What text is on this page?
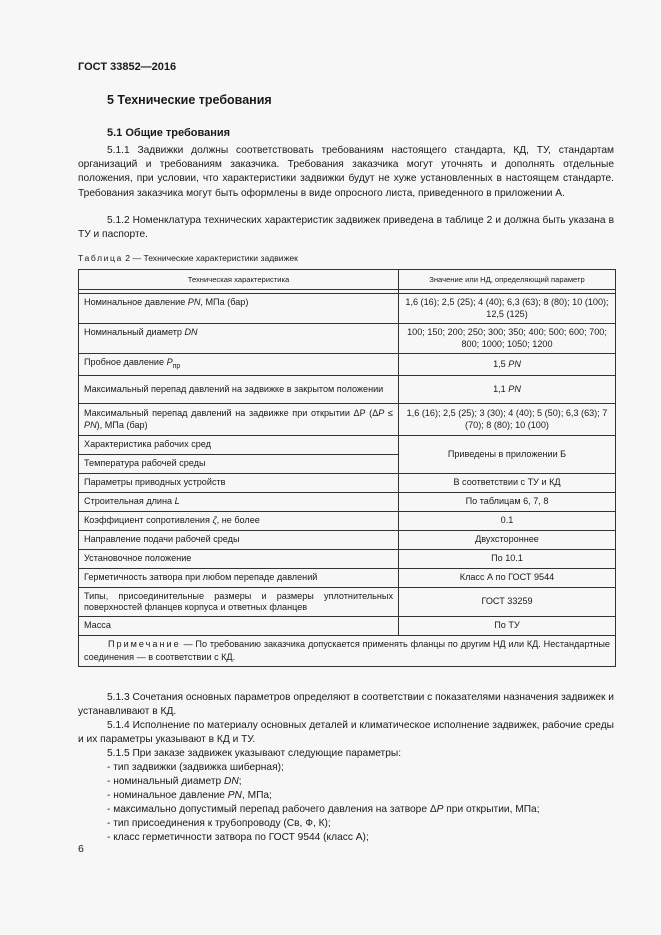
ГОСТ 33852—2016
5 Технические требования
5.1 Общие требования
5.1.1 Задвижки должны соответствовать требованиям настоящего стандарта, КД, ТУ, стандартам организаций и требованиям заказчика. Требования заказчика могут уточнять и дополнять отдельные положения, при условии, что характеристики задвижки будут не хуже установленных в настоящем стандарте. Требования заказчика могут быть оформлены в виде опросного листа, приведенного в приложении А.
5.1.2 Номенклатура технических характеристик задвижек приведена в таблице 2 и должна быть указана в ТУ и паспорте.
Таблица 2 — Технические характеристики задвижек
Техническая характеристика	Значение или НД, определяющий параметр

Номинальное давление PN, МПа (бар)	1,6 (16); 2,5 (25); 4 (40); 6,3 (63); 8 (80); 10 (100); 12,5 (125)
Номинальный диаметр DN	100; 150; 200; 250; 300; 350; 400; 500; 600; 700; 800; 1000; 1050; 1200
Пробное давление $P_{пр}$	1,5 PN
Максимальный перепад давлений на задвижке в закрытом положении	1,1 PN
Максимальный перепад давлений на задвижке при открытии ΔP (ΔP ≤ PN), МПа (бар)	1,6 (16); 2,5 (25); 3 (30); 4 (40); 5 (50); 6,3 (63); 7 (70); 8 (80); 10 (100)
Характеристика рабочих сред	Приведены в приложении Б
Температура рабочей среды	
Параметры приводных устройств	В соответствии с ТУ и КД
Строительная длина L	По таблицам 6, 7, 8
Коэффициент сопротивления ζ, не более	0.1
Направление подачи рабочей среды	Двухстороннее
Установочное положение	По 10.1
Герметичность затвора при любом перепаде давлений	Класс А по ГОСТ 9544
Типы, присоединительные размеры и размеры уплотнительных поверхностей фланцев корпуса и ответных фланцев	ГОСТ 33259
Масса	По ТУ
Примечание — По требованию заказчика допускается применять фланцы по другим НД или КД. Нестандартные соединения — в соответствии с КД.	
5.1.3 Сочетания основных параметров определяют в соответствии с показателями назначения задвижек и устанавливают в КД.
5.1.4 Исполнение по материалу основных деталей и климатическое исполнение задвижек, рабочие среды и их параметры указывают в КД и ТУ.
5.1.5 При заказе задвижек указывают следующие параметры:
- тип задвижки (задвижка шиберная);
- номинальный диаметр DN;
- номинальное давление PN, МПа;
- максимально допустимый перепад рабочего давления на затворе ΔP при открытии, МПа;
- тип присоединения к трубопроводу (Св, Ф, К);
- класс герметичности затвора по ГОСТ 9544 (класс А);
6
